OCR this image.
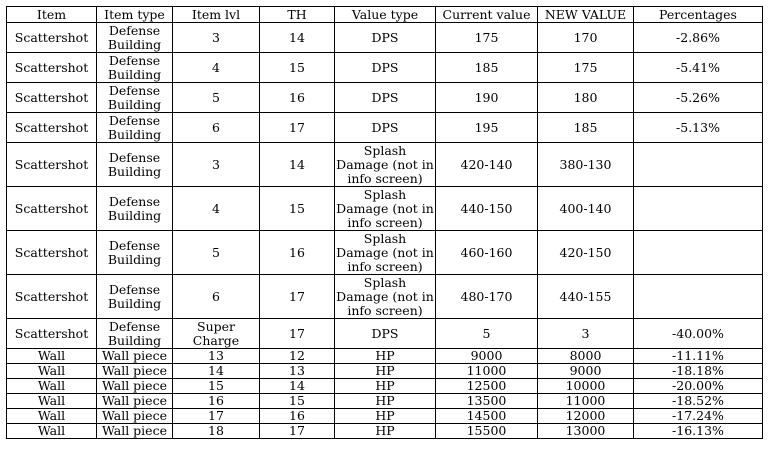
Item	Item type	Item lvl	TH	Value type	Current value	NEW VALUE	Percentages
Scattershot	Defense Building	3	14	DPS	175	170	-2.86%
Scattershot	Defense Building	4	15	DPS	185	175	-5.41%
Scattershot	Defense Building	5	16	DPS	190	180	-5.26%
Scattershot	Defense Building	6	17	DPS	195	185	-5.13%
Scattershot	Defense Building	3	14	Splash Damage (not in info screen)	420-140	380-130	
Scattershot	Defense Building	4	15	Splash Damage (not in info screen)	440-150	400-140	
Scattershot	Defense Building	5	16	Splash Damage (not in info screen)	460-160	420-150	
Scattershot	Defense Building	6	17	Splash Damage (not in info screen)	480-170	440-155	
Scattershot	Defense Building	Super Charge	17	DPS	5	3	-40.00%
Wall	Wall piece	13	12	HP	9000	8000	-11.11%
Wall	Wall piece	14	13	HP	11000	9000	-18.18%
Wall	Wall piece	15	14	HP	12500	10000	-20.00%
Wall	Wall piece	16	15	HP	13500	11000	-18.52%
Wall	Wall piece	17	16	HP	14500	12000	-17.24%
Wall	Wall piece	18	17	HP	15500	13000	-16.13%
